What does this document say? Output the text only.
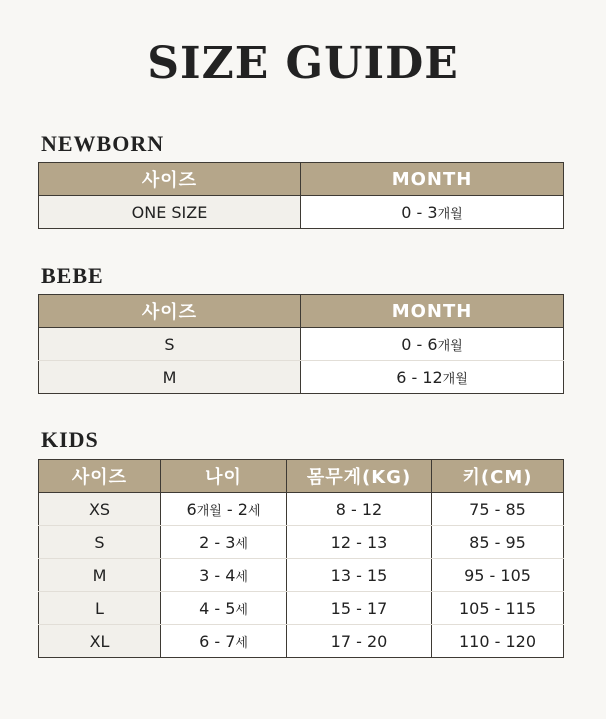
SIZE GUIDE
NEWBORN
사이즈	MONTH
ONE SIZE	0 - 3개월
BEBE
사이즈	MONTH
S	0 - 6개월
M	6 - 12개월
KIDS
사이즈	나이	몸무게(KG)	키(CM)
XS	6개월 - 2세	8 - 12	75 - 85
S	2 - 3세	12 - 13	85 - 95
M	3 - 4세	13 - 15	95 - 105
L	4 - 5세	15 - 17	105 - 115
XL	6 - 7세	17 - 20	110 - 120
